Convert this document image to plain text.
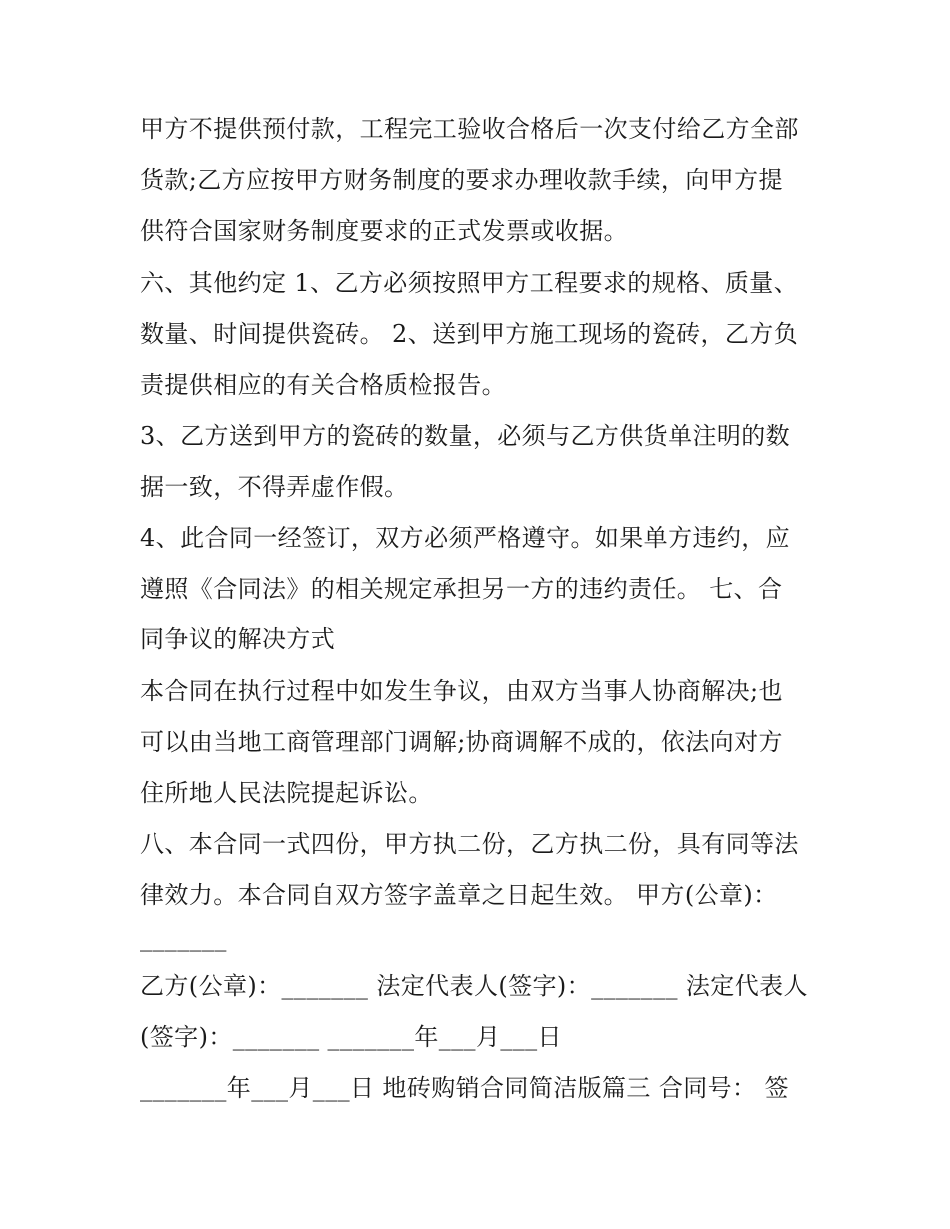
甲方不提供预付款，工程完工验收合格后一次支付给乙方全部
货款;乙方应按甲方财务制度的要求办理收款手续，向甲方提
供符合国家财务制度要求的正式发票或收据。
六、其他约定 1、乙方必须按照甲方工程要求的规格、质量、
数量、时间提供瓷砖。 2、送到甲方施工现场的瓷砖，乙方负
责提供相应的有关合格质检报告。
3、乙方送到甲方的瓷砖的数量，必须与乙方供货单注明的数
据一致，不得弄虚作假。
4、此合同一经签订，双方必须严格遵守。如果单方违约，应
遵照《合同法》的相关规定承担另一方的违约责任。 七、合
同争议的解决方式
本合同在执行过程中如发生争议，由双方当事人协商解决;也
可以由当地工商管理部门调解;协商调解不成的，依法向对方
住所地人民法院提起诉讼。
八、本合同一式四份，甲方执二份，乙方执二份，具有同等法
律效力。本合同自双方签字盖章之日起生效。 甲方(公章)：
_______
乙方(公章)：_______ 法定代表人(签字)：_______ 法定代表人
(签字)：_______ _______年___月___日
_______年___月___日 地砖购销合同简洁版篇三 合同号： 签
